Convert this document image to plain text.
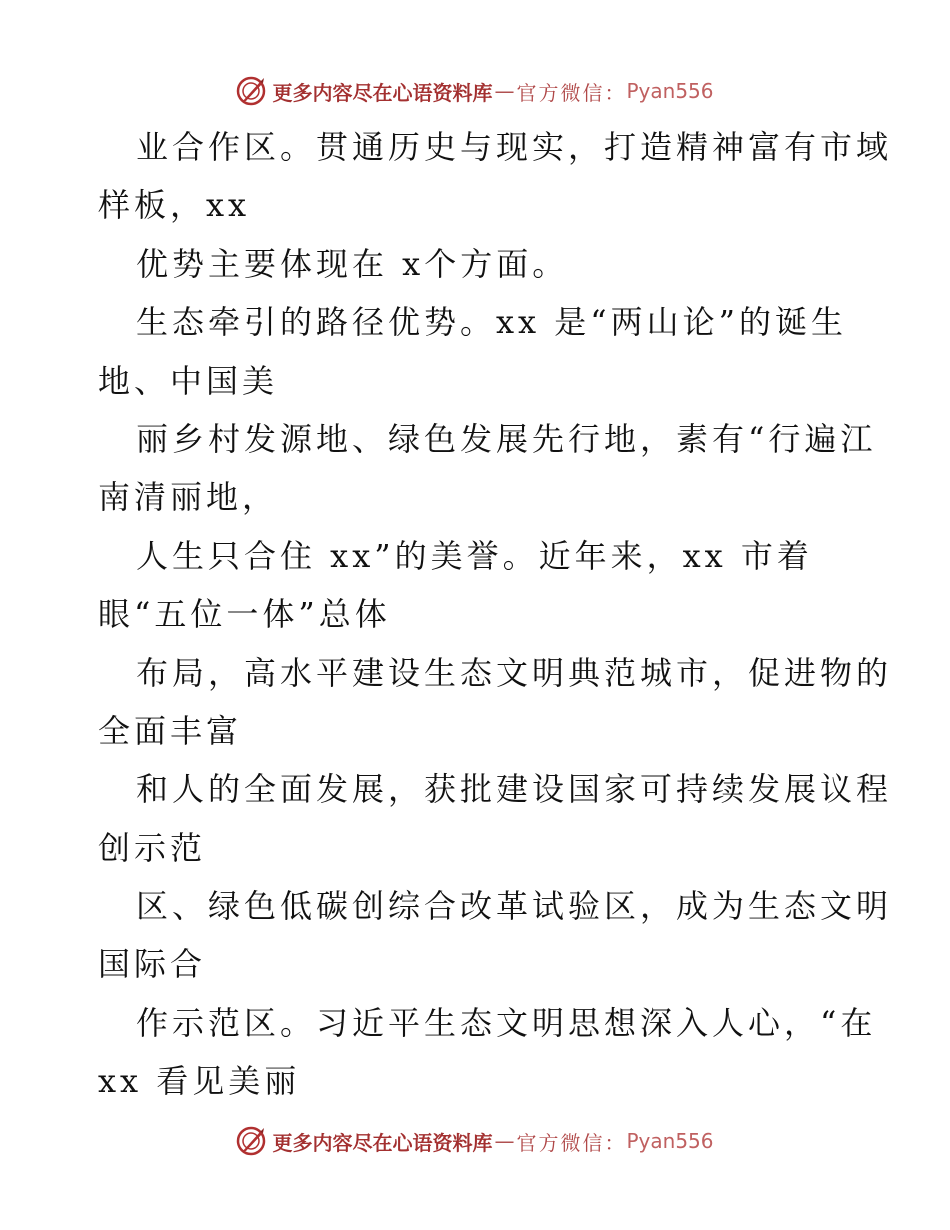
更多内容尽在心语资料库 — 官方微信： Pyan556
业合作区。贯通历史与现实，打造精神富有市域
样板，xx
优势主要体现在 x个方面。
生态牵引的路径优势。xx 是“两山论”的诞生
地、中国美
丽乡村发源地、绿色发展先行地，素有“行遍江
南清丽地，
人生只合住 xx”的美誉。近年来，xx 市着
眼“五位一体”总体
布局，高水平建设生态文明典范城市，促进物的
全面丰富
和人的全面发展，获批建设国家可持续发展议程
创示范
区、绿色低碳创综合改革试验区，成为生态文明
国际合
作示范区。习近平生态文明思想深入人心，“在
xx 看见美丽
更多内容尽在心语资料库 — 官方微信： Pyan556
